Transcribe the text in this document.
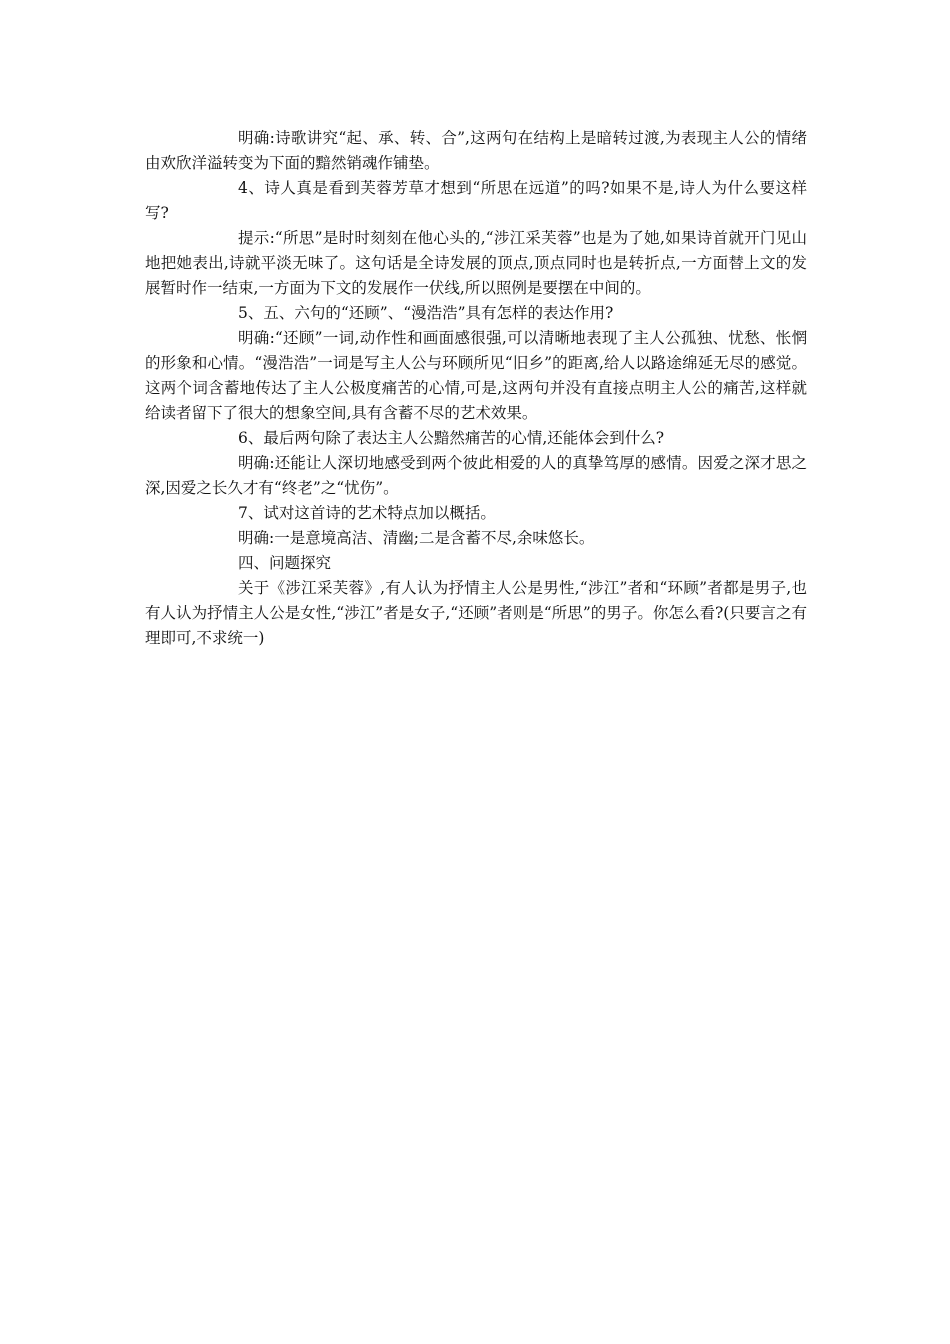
明确:诗歌讲究“起、承、转、合”,这两句在结构上是暗转过渡,为表现主人公的情绪由欢欣洋溢转变为下面的黯然销魂作铺垫。

4、诗人真是看到芙蓉芳草才想到“所思在远道”的吗?如果不是,诗人为什么要这样写?

提示:“所思”是时时刻刻在他心头的,“涉江采芙蓉”也是为了她,如果诗首就开门见山地把她表出,诗就平淡无味了。这句话是全诗发展的顶点,顶点同时也是转折点,一方面替上文的发展暂时作一结束,一方面为下文的发展作一伏线,所以照例是要摆在中间的。

5、五、六句的“还顾”、“漫浩浩”具有怎样的表达作用?

明确:“还顾”一词,动作性和画面感很强,可以清晰地表现了主人公孤独、忧愁、怅惘的形象和心情。“漫浩浩”一词是写主人公与环顾所见“旧乡”的距离,给人以路途绵延无尽的感觉。这两个词含蓄地传达了主人公极度痛苦的心情,可是,这两句并没有直接点明主人公的痛苦,这样就给读者留下了很大的想象空间,具有含蓄不尽的艺术效果。

6、最后两句除了表达主人公黯然痛苦的心情,还能体会到什么?

明确:还能让人深切地感受到两个彼此相爱的人的真挚笃厚的感情。因爱之深才思之深,因爱之长久才有“终老”之“忧伤”。

7、试对这首诗的艺术特点加以概括。

明确:一是意境高洁、清幽;二是含蓄不尽,余味悠长。

四、问题探究

关于《涉江采芙蓉》,有人认为抒情主人公是男性,“涉江”者和“环顾”者都是男子,也有人认为抒情主人公是女性,“涉江”者是女子,“还顾”者则是“所思”的男子。你怎么看?(只要言之有理即可,不求统一)
